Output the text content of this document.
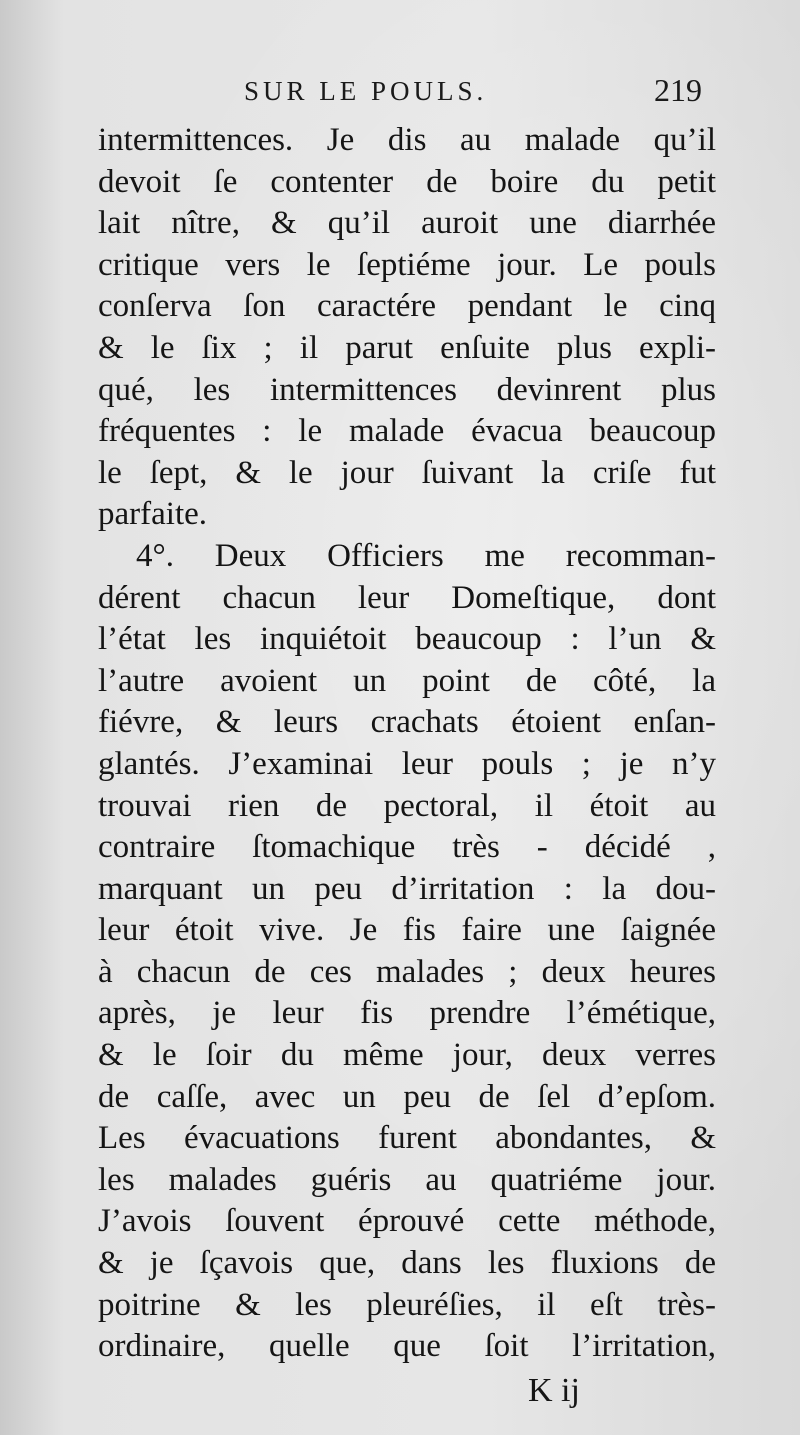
SUR LE POULS.	219
intermittences. Je dis au malade qu’il
devoit ſe contenter de boire du petit
lait nître, & qu’il auroit une diarrhée
critique vers le ſeptiéme jour. Le pouls
conſerva ſon caractére pendant le cinq
& le ſix ; il parut enſuite plus expli-
qué, les intermittences devinrent plus
fréquentes : le malade évacua beaucoup
le ſept, & le jour ſuivant la criſe fut
parfaite.
4°. Deux Officiers me recomman-
dérent chacun leur Domeſtique, dont
l’état les inquiétoit beaucoup : l’un &
l’autre avoient un point de côté, la
fiévre, & leurs crachats étoient enſan-
glantés. J’examinai leur pouls ; je n’y
trouvai rien de pectoral, il étoit au
contraire ſtomachique très - décidé ,
marquant un peu d’irritation : la dou-
leur étoit vive. Je fis faire une ſaignée
à chacun de ces malades ; deux heures
après, je leur fis prendre l’émétique,
& le ſoir du même jour, deux verres
de caſſe, avec un peu de ſel d’epſom.
Les évacuations furent abondantes, &
les malades guéris au quatriéme jour.
J’avois ſouvent éprouvé cette méthode,
& je ſçavois que, dans les fluxions de
poitrine & les pleuréſies, il eſt très-
ordinaire, quelle que ſoit l’irritation,
K ij
